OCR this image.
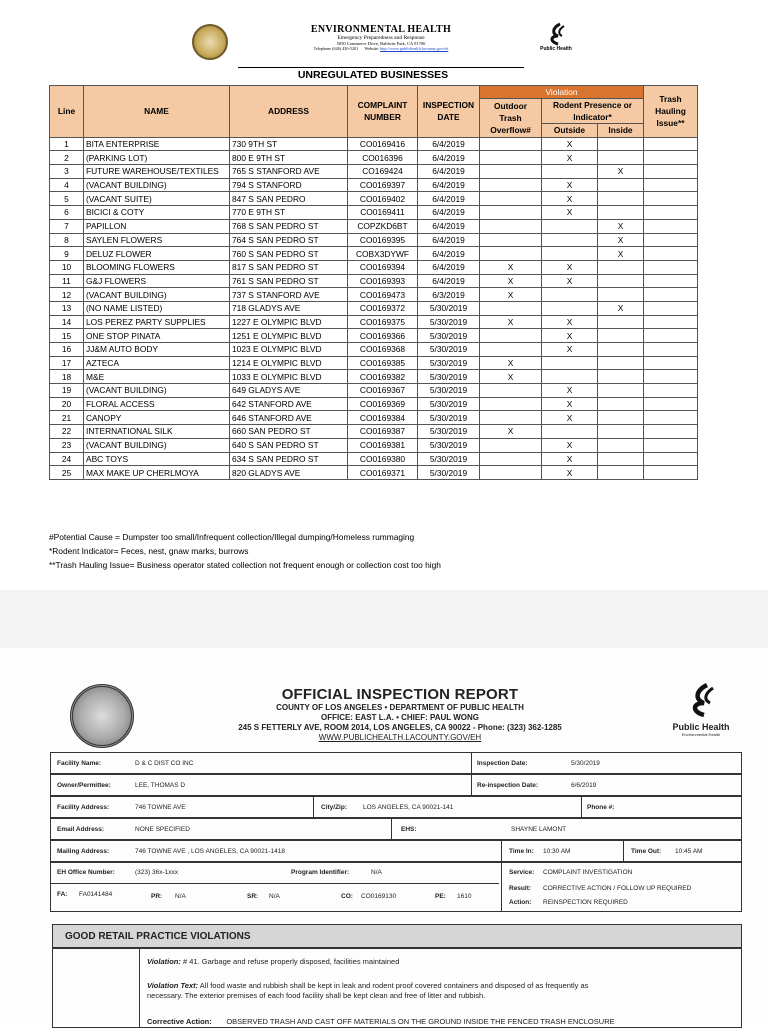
ENVIRONMENTAL HEALTH
Emergency Preparedness and Response
5050 Commerce Drive, Baldwin Park, CA 91706
Telephone (626) 430-5201 Website: http://www.publichealth.lacounty.gov/eh	Public Health
UNREGULATED BUSINESSES
Line	NAME	ADDRESS	COMPLAINT NUMBER	INSPECTION DATE	Violation			Trash Hauling Issue**
					Outdoor Trash Overflow#	Rodent Presence or Indicator*		
						Outside	Inside	
1	BITA ENTERPRISE	730 9TH ST	CO0169416	6/4/2019		X		
2	(PARKING LOT)	800 E 9TH ST	CO016396	6/4/2019		X		
3	FUTURE WAREHOUSE/TEXTILES	765 S STANFORD AVE	CO169424	6/4/2019			X	
4	(VACANT BUILDING)	794 S STANFORD	CO0169397	6/4/2019		X		
5	(VACANT SUITE)	847 S SAN PEDRO	CO0169402	6/4/2019		X		
6	BICICI & COTY	770 E 9TH ST	CO0169411	6/4/2019		X		
7	PAPILLON	768 S SAN PEDRO ST	COPZKD6BT	6/4/2019			X	
8	SAYLEN FLOWERS	764 S SAN PEDRO ST	CO0169395	6/4/2019			X	
9	DELUZ FLOWER	760 S SAN PEDRO ST	COBX3DYWF	6/4/2019			X	
10	BLOOMING FLOWERS	817 S SAN PEDRO ST	CO0169394	6/4/2019	X	X		
11	G&J FLOWERS	761 S SAN PEDRO ST	CO0169393	6/4/2019	X	X		
12	(VACANT BUILDING)	737 S STANFORD AVE	CO0169473	6/3/2019	X			
13	(NO NAME LISTED)	718 GLADYS AVE	CO0169372	5/30/2019			X	
14	LOS PEREZ PARTY SUPPLIES	1227 E OLYMPIC BLVD	CO0169375	5/30/2019	X	X		
15	ONE STOP PINATA	1251 E OLYMPIC BLVD	CO0169366	5/30/2019		X		
16	JJ&M AUTO BODY	1023 E OLYMPIC BLVD	CO0169368	5/30/2019		X		
17	AZTECA	1214 E OLYMPIC BLVD	CO0169385	5/30/2019	X			
18	M&E	1033 E OLYMPIC BLVD	CO0169382	5/30/2019	X			
19	(VACANT BUILDING)	649 GLADYS AVE	CO0169367	5/30/2019		X		
20	FLORAL ACCESS	642 STANFORD AVE	CO0169369	5/30/2019		X		
21	CANOPY	646 STANFORD AVE	CO0169384	5/30/2019		X		
22	INTERNATIONAL SILK	660 SAN PEDRO ST	CO0169387	5/30/2019	X			
23	(VACANT BUILDING)	640 S SAN PEDRO ST	CO0169381	5/30/2019		X		
24	ABC TOYS	634 S SAN PEDRO ST	CO0169380	5/30/2019		X		
25	MAX MAKE UP CHERLMOYA	820 GLADYS AVE	CO0169371	5/30/2019		X		
#Potential Cause = Dumpster too small/Infrequent collection/Illegal dumping/Homeless rummaging
*Rodent Indicator= Feces, nest, gnaw marks, burrows
**Trash Hauling Issue= Business operator stated collection not frequent enough or collection cost too high
OFFICIAL INSPECTION REPORT
COUNTY OF LOS ANGELES • DEPARTMENT OF PUBLIC HEALTH
OFFICE: EAST L.A. • CHIEF: PAUL WONG
245 S FETTERLY AVE, ROOM 2014, LOS ANGELES, CA 90022 - Phone: (323) 362-1285
WWW.PUBLICHEALTH.LACOUNTY.GOV/EH
Public Health
Environmental Health
Facility Name:	D & C DIST CO INC	Inspection Date:	5/30/2019
Owner/Permittee:	LEE, THOMAS D	Re-inspection Date:	6/6/2019
Facility Address:	746 TOWNE AVE	City/Zip: LOS ANGELES, CA 90021-141	Phone #:
Email Address:	NONE SPECIFIED	EHS:	SHAYNE LAMONT
Mailing Address:	746 TOWNE AVE , LOS ANGELES, CA 90021-1418	Time In: 10:30 AM	Time Out: 10:45 AM
EH Office Number:	(323) 36x-1xxx	Program Identifier:	N/A
FA: FA0141484	PR: N/A	SR: N/A	CO: CO0169130	PE: 1610
Service: COMPLAINT INVESTIGATION
Result: CORRECTIVE ACTION / FOLLOW UP REQUIRED
Action: REINSPECTION REQUIRED
GOOD RETAIL PRACTICE VIOLATIONS
Violation: # 41. Garbage and refuse properly disposed, facilities maintained
Violation Text: All food waste and rubbish shall be kept in leak and rodent proof covered containers and disposed of as frequently as
necessary. The exterior premises of each food facility shall be kept clean and free of litter and rubbish.
Corrective Action: OBSERVED TRASH AND CAST OFF MATERIALS ON THE GROUND INSIDE THE FENCED TRASH ENCLOSURE
